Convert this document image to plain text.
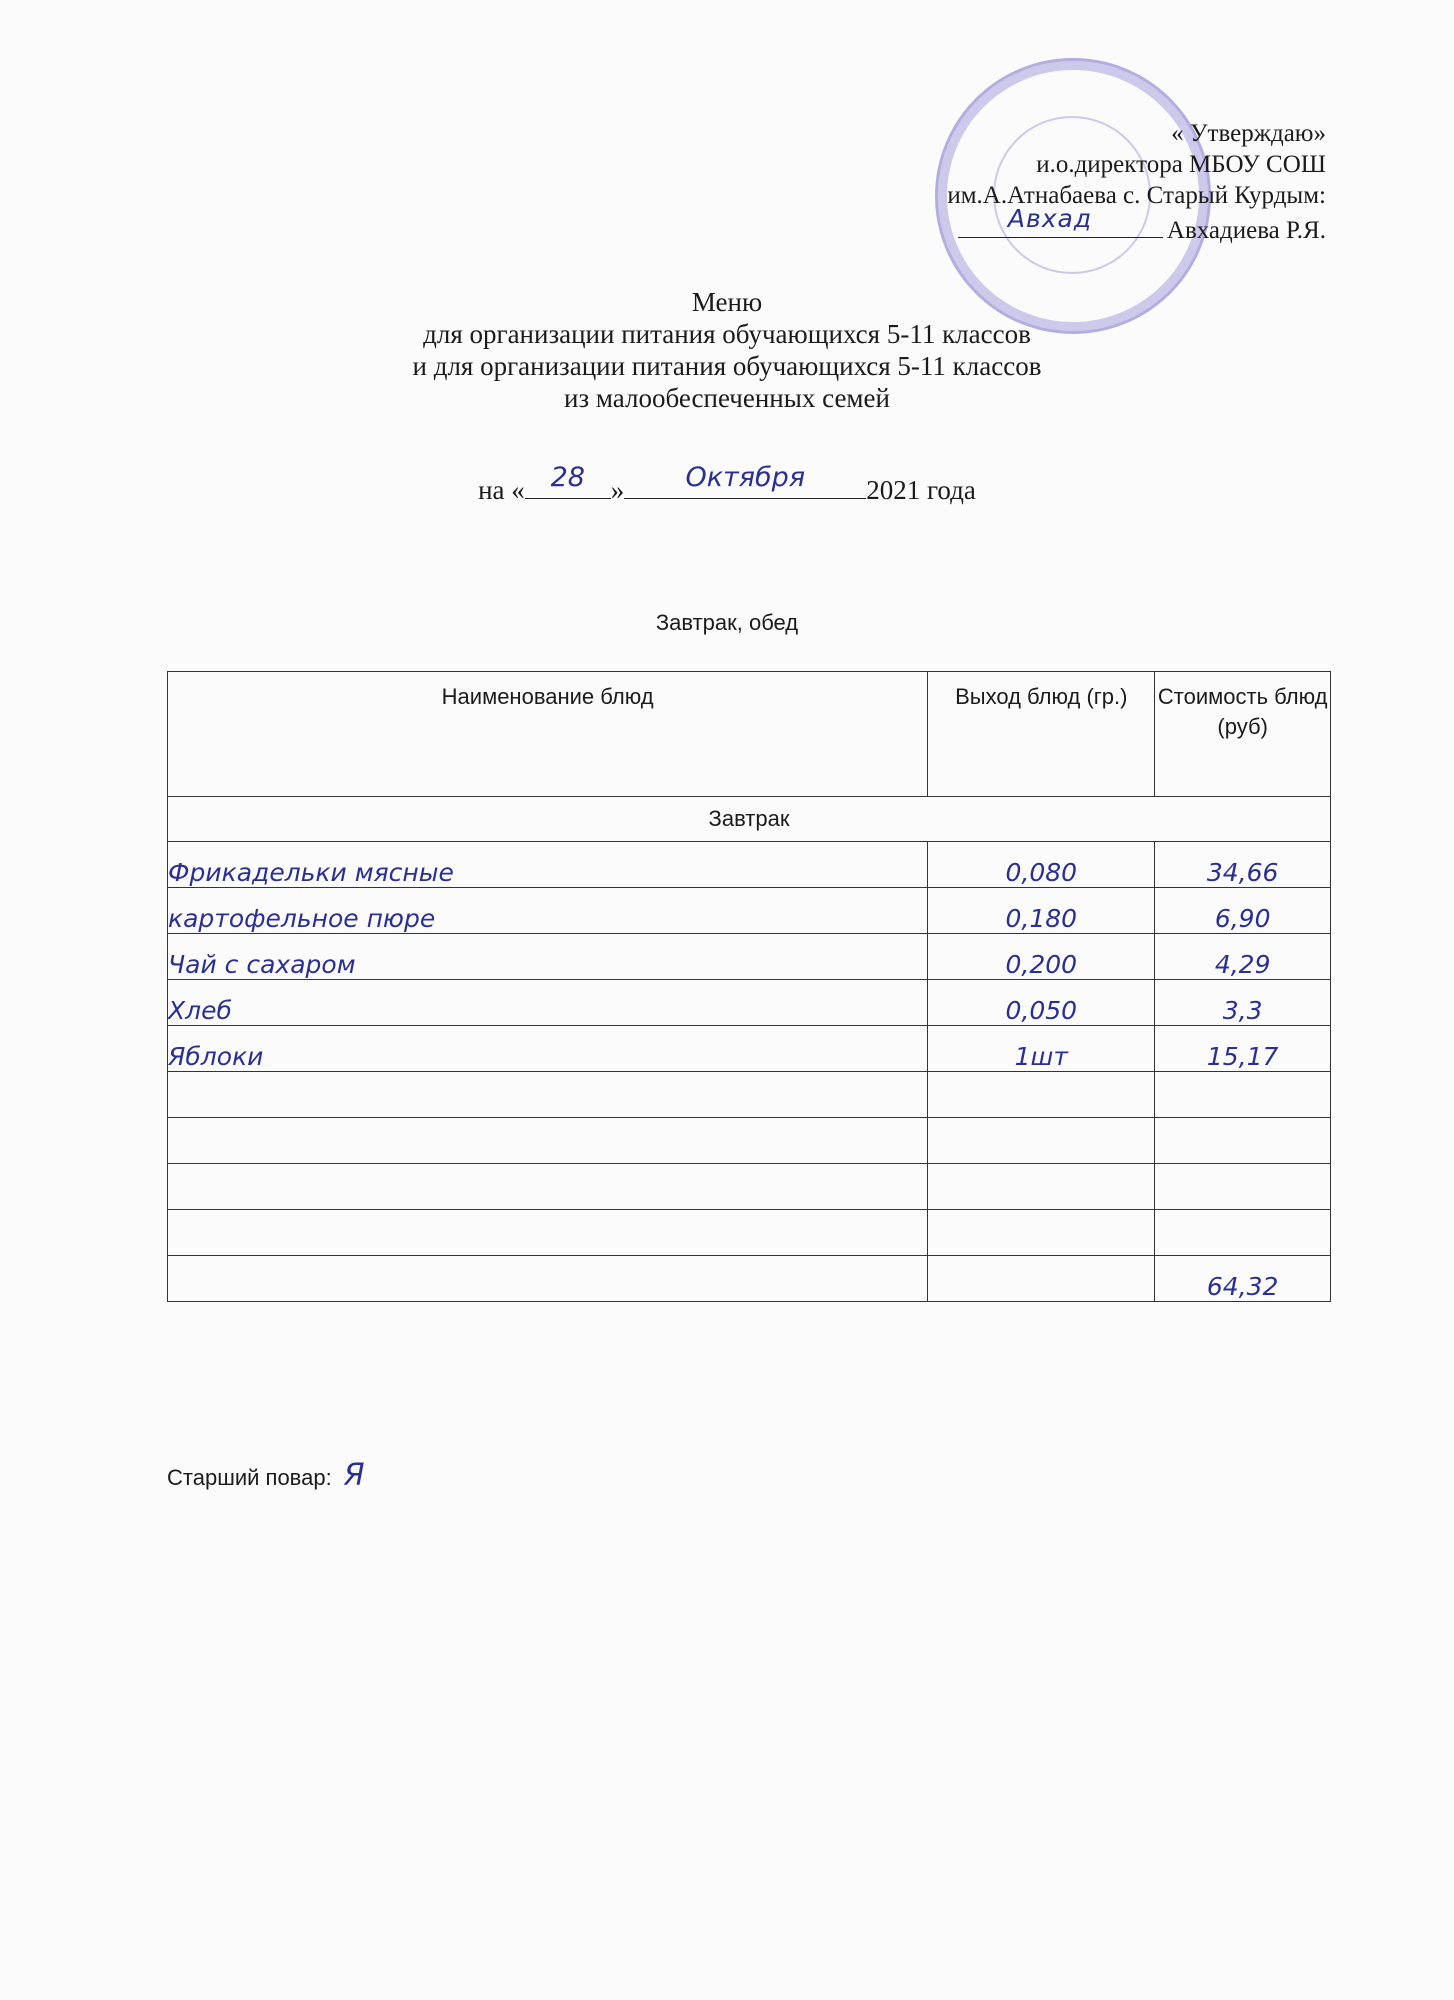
« Утверждаю»
и.о.директора МБОУ СОШ
им.А.Атнабаева с. Старый Курдым:
Авхад	Авхадиева Р.Я.
Меню
для организации питания обучающихся 5-11 классов
и для организации питания обучающихся 5-11 классов
из малообеспеченных семей
на « 28 »	Октября	2021 года
Завтрак, обед
Наименование блюд	Выход блюд (гр.)	Стоимость блюд (руб)
Завтрак		
Фрикадельки мясные	0,080	34,66
картофельное пюре	0,180	6,90
Чай с сахаром	0,200	4,29
Хлеб	0,050	3,3
Яблоки	1шт	15,17

		64,32
Старший повар: Я
